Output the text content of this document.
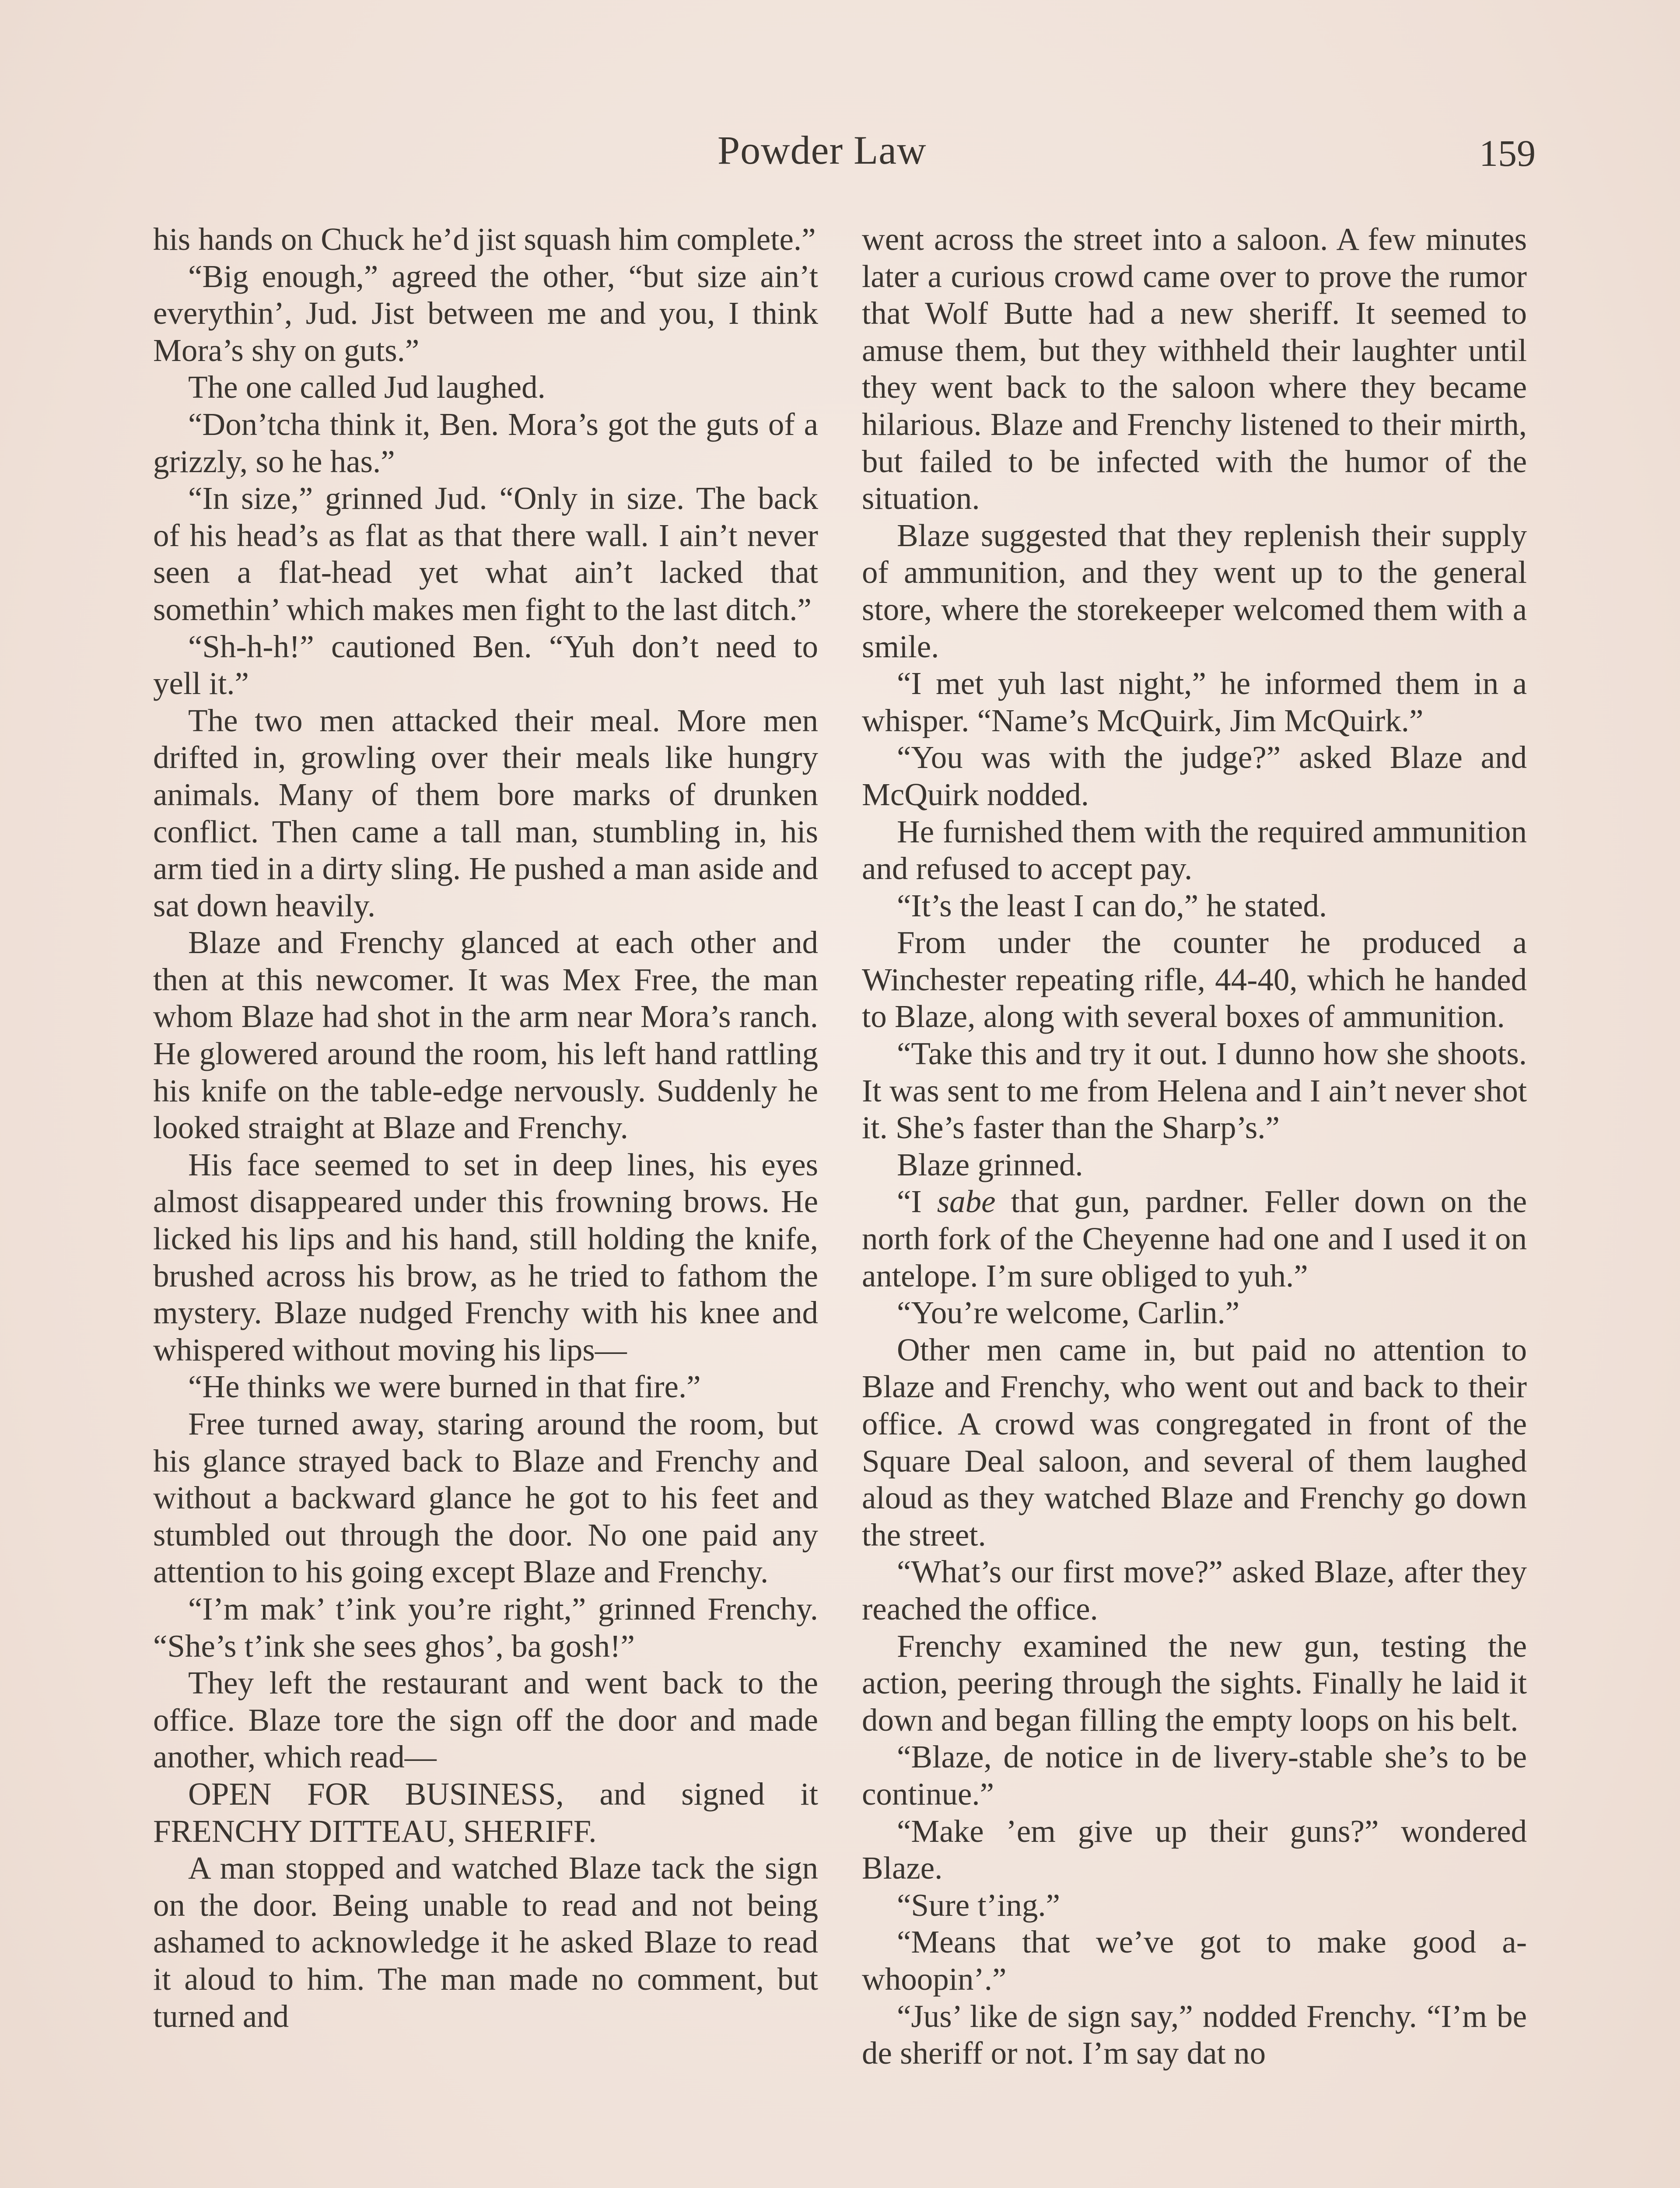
Powder Law	159

his hands on Chuck he’d jist squash him complete.”

“Big enough,” agreed the other, “but size ain’t everythin’, Jud. Jist between me and you, I think Mora’s shy on guts.”

The one called Jud laughed.

“Don’tcha think it, Ben. Mora’s got the guts of a grizzly, so he has.”

“In size,” grinned Jud. “Only in size. The back of his head’s as flat as that there wall. I ain’t never seen a flat-head yet what ain’t lacked that somethin’ which makes men fight to the last ditch.”

“Sh-h-h!” cautioned Ben. “Yuh don’t need to yell it.”

The two men attacked their meal. More men drifted in, growling over their meals like hungry animals. Many of them bore marks of drunken conflict. Then came a tall man, stumbling in, his arm tied in a dirty sling. He pushed a man aside and sat down heavily.

Blaze and Frenchy glanced at each other and then at this newcomer. It was Mex Free, the man whom Blaze had shot in the arm near Mora’s ranch. He glowered around the room, his left hand rattling his knife on the table-edge nervously. Suddenly he looked straight at Blaze and Frenchy.

His face seemed to set in deep lines, his eyes almost disappeared under this frowning brows. He licked his lips and his hand, still holding the knife, brushed across his brow, as he tried to fathom the mystery. Blaze nudged Frenchy with his knee and whispered without moving his lips—

“He thinks we were burned in that fire.”

Free turned away, staring around the room, but his glance strayed back to Blaze and Frenchy and without a backward glance he got to his feet and stumbled out through the door. No one paid any attention to his going except Blaze and Frenchy.

“I’m mak’ t’ink you’re right,” grinned Frenchy. “She’s t’ink she sees ghos’, ba gosh!”

They left the restaurant and went back to the office. Blaze tore the sign off the door and made another, which read—

OPEN FOR BUSINESS, and signed it FRENCHY DITTEAU, SHERIFF.

A man stopped and watched Blaze tack the sign on the door. Being unable to read and not being ashamed to acknowledge it he asked Blaze to read it aloud to him. The man made no comment, but turned and

went across the street into a saloon. A few minutes later a curious crowd came over to prove the rumor that Wolf Butte had a new sheriff. It seemed to amuse them, but they withheld their laughter until they went back to the saloon where they became hilarious. Blaze and Frenchy listened to their mirth, but failed to be infected with the humor of the situation.

Blaze suggested that they replenish their supply of ammunition, and they went up to the general store, where the storekeeper welcomed them with a smile.

“I met yuh last night,” he informed them in a whisper. “Name’s McQuirk, Jim McQuirk.”

“You was with the judge?” asked Blaze and McQuirk nodded.

He furnished them with the required ammunition and refused to accept pay.

“It’s the least I can do,” he stated.

From under the counter he produced a Winchester repeating rifle, 44-40, which he handed to Blaze, along with several boxes of ammunition.

“Take this and try it out. I dunno how she shoots. It was sent to me from Helena and I ain’t never shot it. She’s faster than the Sharp’s.”

Blaze grinned.

“I sabe that gun, pardner. Feller down on the north fork of the Cheyenne had one and I used it on antelope. I’m sure obliged to yuh.”

“You’re welcome, Carlin.”

Other men came in, but paid no attention to Blaze and Frenchy, who went out and back to their office. A crowd was congregated in front of the Square Deal saloon, and several of them laughed aloud as they watched Blaze and Frenchy go down the street.

“What’s our first move?” asked Blaze, after they reached the office.

Frenchy examined the new gun, testing the action, peering through the sights. Finally he laid it down and began filling the empty loops on his belt.

“Blaze, de notice in de livery-stable she’s to be continue.”

“Make ’em give up their guns?” wondered Blaze.

“Sure t’ing.”

“Means that we’ve got to make good a-whoopin’.”

“Jus’ like de sign say,” nodded Frenchy. “I’m be de sheriff or not. I’m say dat no
